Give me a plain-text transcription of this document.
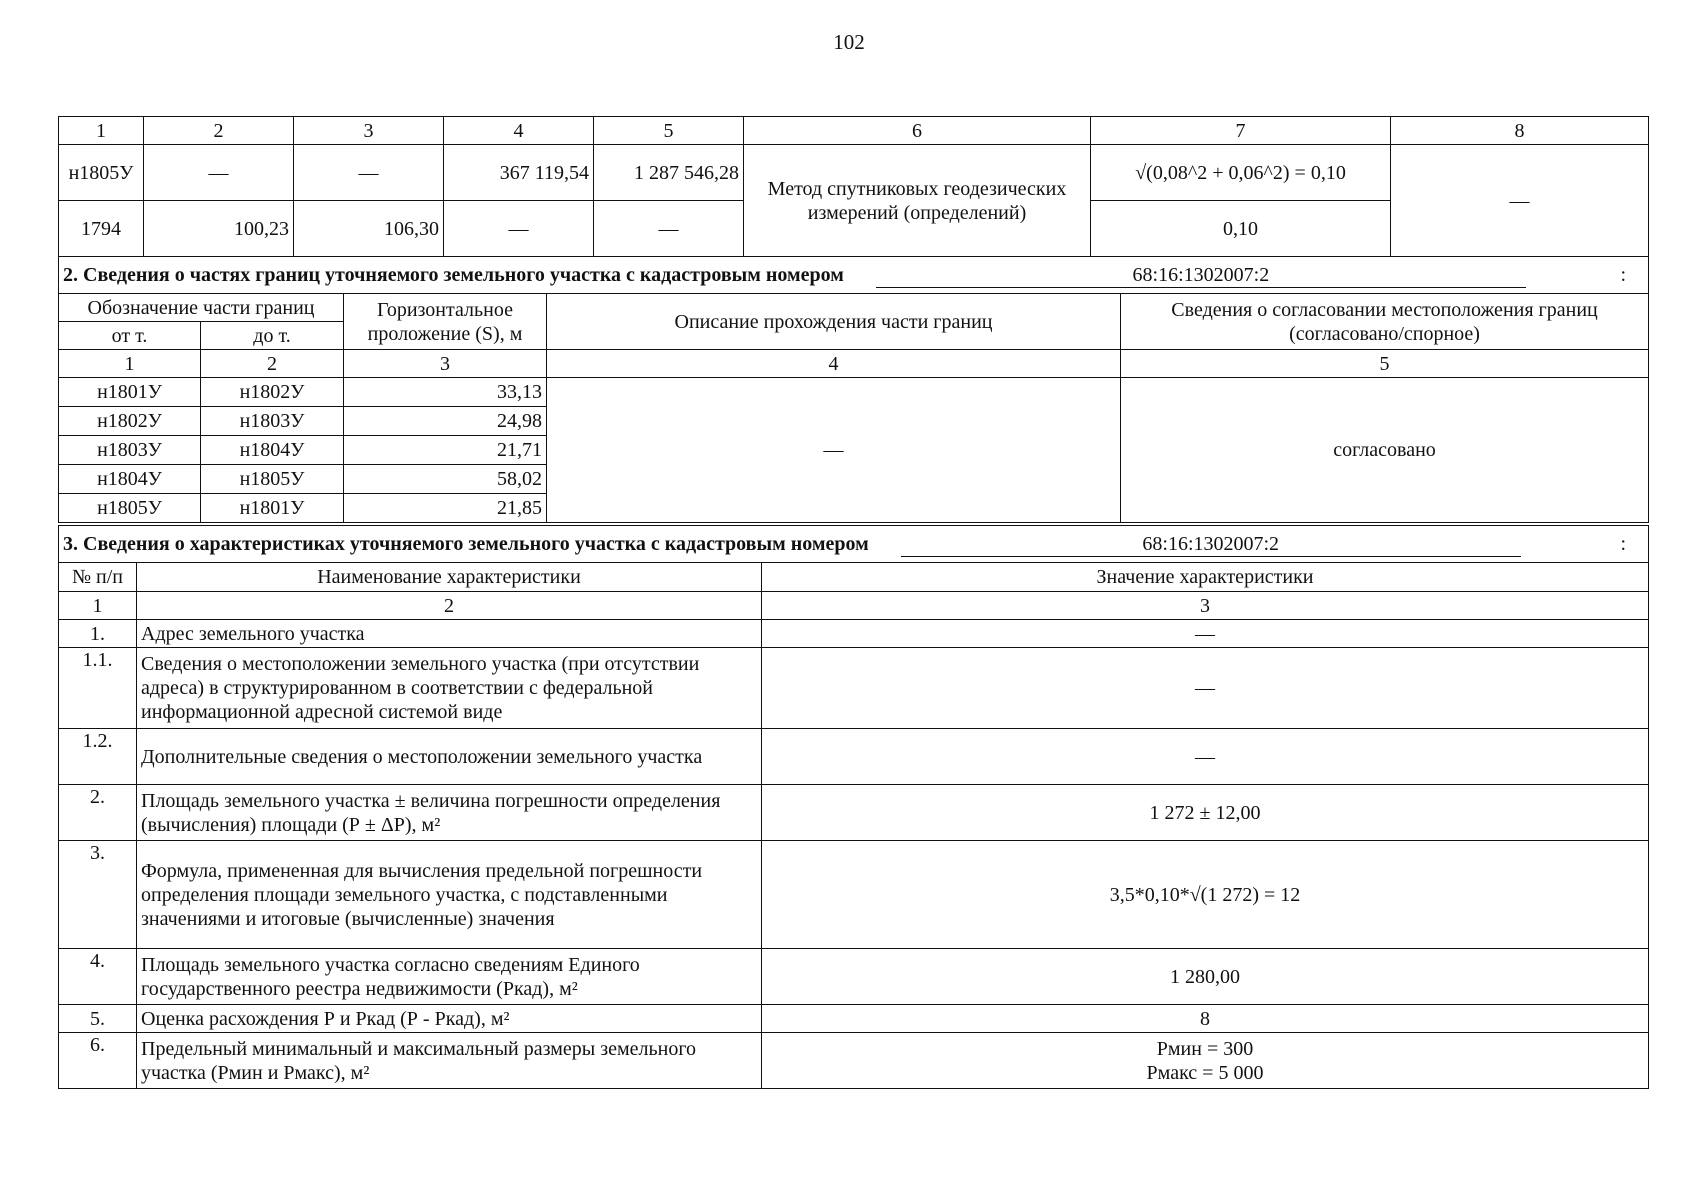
102
1	2	3	4	5	6	7	8
н1805У	—	—	367 119,54	1 287 546,28	Метод спутниковых геодезических измерений (определений)	√(0,08^2 + 0,06^2) = 0,10	—
1794	100,23	106,30	—	—		0,10	
2. Сведения о частях границ уточняемого земельного участка с кадастровым номером 68:16:1302007:2 :				

Обозначение части границ		Горизонтальное проложение (S), м	Описание прохождения части границ	Сведения о согласовании местоположения границ (согласовано/спорное)
от т.	до т.			
1	2	3	4	5
н1801У	н1802У	33,13	—	согласовано
н1802У	н1803У	24,98		
н1803У	н1804У	21,71		
н1804У	н1805У	58,02		
н1805У	н1801У	21,85		
3. Сведения о характеристиках уточняемого земельного участка с кадастровым номером 68:16:1302007:2 :		

№ п/п	Наименование характеристики	Значение характеристики
1	2	3
1.	Адрес земельного участка	—
1.1.	Сведения о местоположении земельного участка (при отсутствии адреса) в структурированном в соответствии с федеральной информационной адресной системой виде	—
1.2.	Дополнительные сведения о местоположении земельного участка	—
2.	Площадь земельного участка ± величина погрешности определения (вычисления) площади (Р ± ΔР), м²	1 272 ± 12,00
3.	Формула, примененная для вычисления предельной погрешности определения площади земельного участка, с подставленными значениями и итоговые (вычисленные) значения	3,5*0,10*√(1 272) = 12
4.	Площадь земельного участка согласно сведениям Единого государственного реестра недвижимости (Ркад), м²	1 280,00
5.	Оценка расхождения Р и Ркад (Р - Ркад), м²	8
6.	Предельный минимальный и максимальный размеры земельного участка (Рмин и Рмакс), м²	Рмин = 300
Рмакс = 5 000
